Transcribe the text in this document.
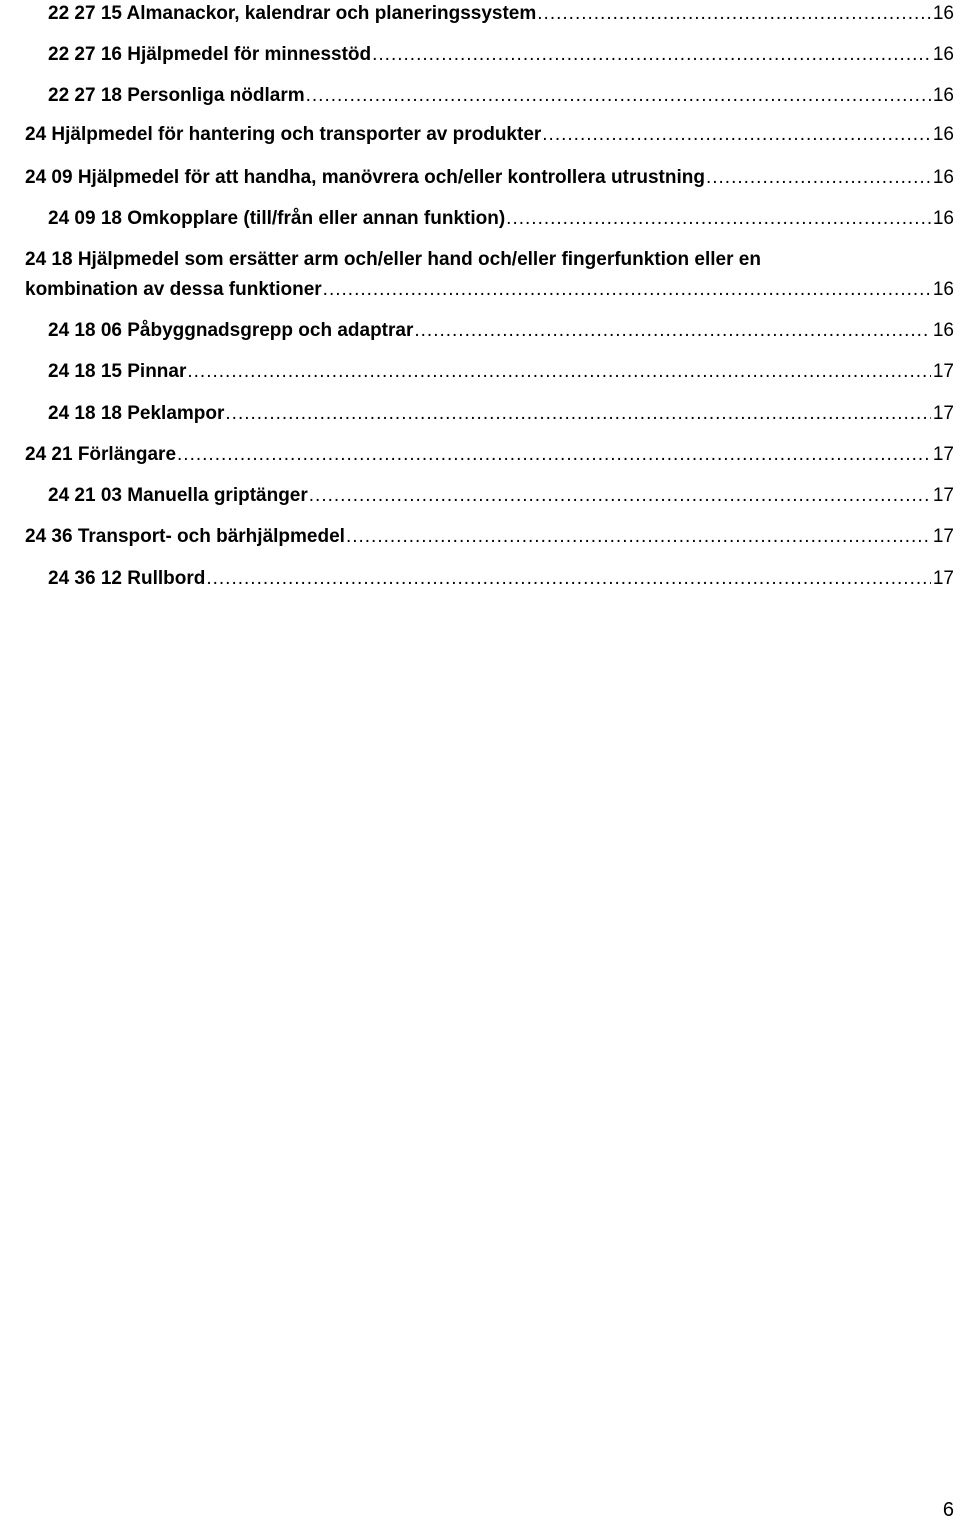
22 27 15 Almanackor, kalendrar och planeringssystem .....	16
22 27 16 Hjälpmedel för minnesstöd .....	16
22 27 18 Personliga nödlarm .....	16
24 Hjälpmedel för hantering och transporter av produkter .....	16
24 09 Hjälpmedel för att handha, manövrera och/eller kontrollera utrustning .....	16
24 09 18 Omkopplare (till/från eller annan funktion) .....	16
24 18 Hjälpmedel som ersätter arm och/eller hand och/eller fingerfunktion eller en
kombination av dessa funktioner .....	16
24 18 06 Påbyggnadsgrepp och adaptrar .....	16
24 18 15 Pinnar .....	17
24 18 18 Peklampor .....	17
24 21 Förlängare .....	17
24 21 03 Manuella griptänger .....	17
24 36 Transport- och bärhjälpmedel .....	17
24 36 12 Rullbord .....	17
6
